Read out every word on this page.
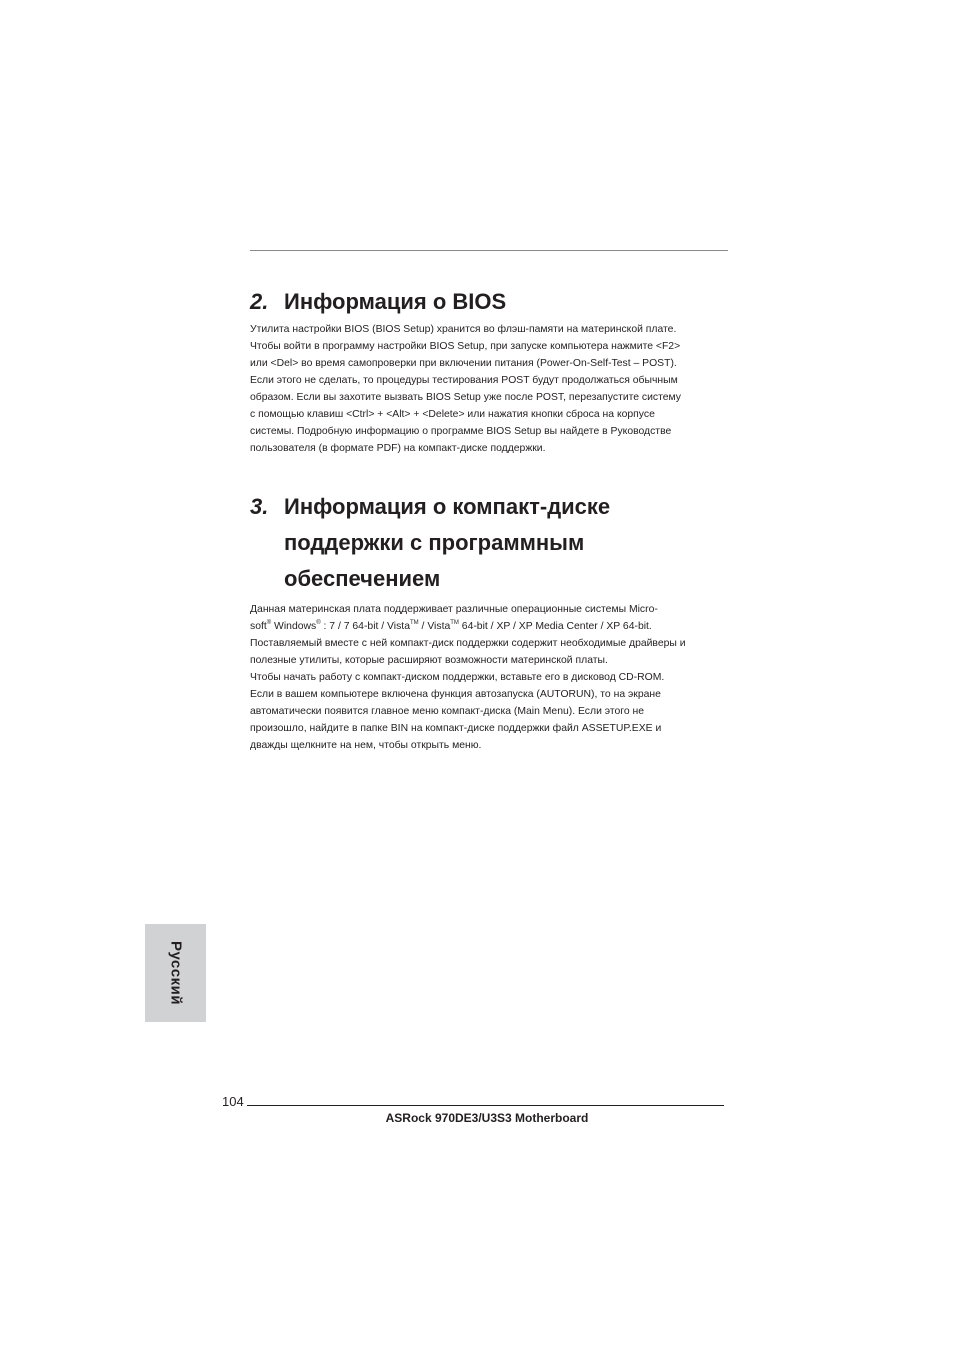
2. Информация о BIOS
Утилита настройки BIOS (BIOS Setup) хранится во флэш-памяти на материнской плате.
Чтобы войти в программу настройки BIOS Setup, при запуске компьютера нажмите <F2>
или <Del> во время самопроверки при включении питания (Power-On-Self-Test – POST).
Если этого не сделать, то процедуры тестирования POST будут продолжаться обычным
образом. Если вы захотите вызвать BIOS Setup уже после POST, перезапустите систему
с помощью клавиш <Ctrl> + <Alt> + <Delete> или нажатия кнопки сброса на корпусе
системы. Подробную информацию о программе BIOS Setup вы найдете в Руководстве
пользователя (в формате PDF) на компакт-диске поддержки.
3. Информация о компакт-диске
поддержки с программным
обеспечением
Данная материнская плата поддерживает различные операционные системы Micro-
soft® Windows® : 7 / 7 64-bit / Vista™ / Vista™ 64-bit / XP / XP Media Center / XP 64-bit.
Поставляемый вместе с ней компакт-диск поддержки содержит необходимые драйверы и
полезные утилиты, которые расширяют возможности материнской платы.
Чтобы начать работу с компакт-диском поддержки, вставьте его в дисковод CD-ROM.
Если в вашем компьютере включена функция автозапуска (AUTORUN), то на экране
автоматически появится главное меню компакт-диска (Main Menu). Если этого не
произошло, найдите в папке BIN на компакт-диске поддержки файл ASSETUP.EXE и
дважды щелкните на нем, чтобы открыть меню.
Русский
104
ASRock 970DE3/U3S3 Motherboard
